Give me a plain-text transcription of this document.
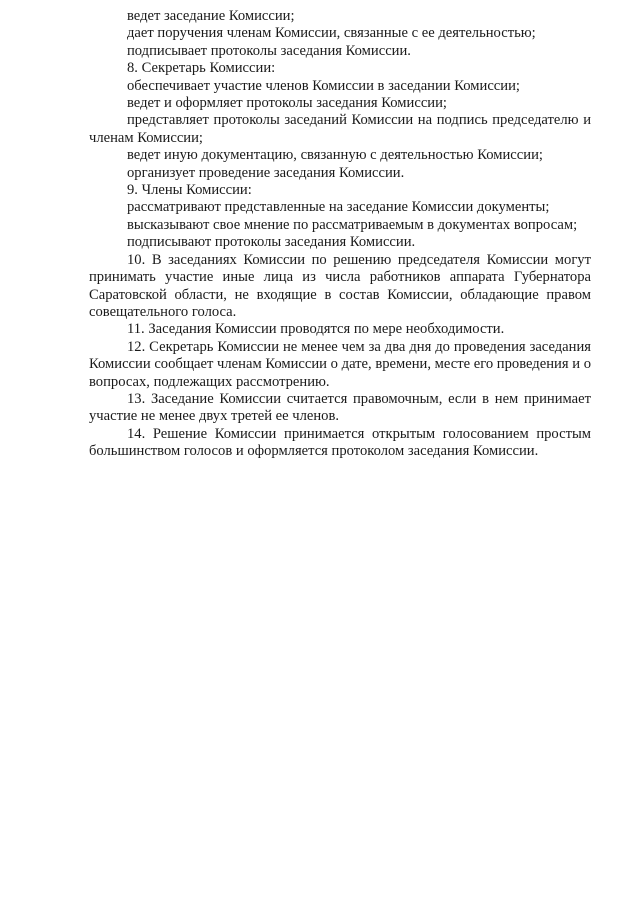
ведет заседание Комиссии;

дает поручения членам Комиссии, связанные с ее деятельностью;

подписывает протоколы заседания Комиссии.

8. Секретарь Комиссии:

обеспечивает участие членов Комиссии в заседании Комиссии;

ведет и оформляет протоколы заседания Комиссии;

представляет протоколы заседаний Комиссии на подпись председателю и членам Комиссии;

ведет иную документацию, связанную с деятельностью Комиссии;

организует проведение заседания Комиссии.

9. Члены Комиссии:

рассматривают представленные на заседание Комиссии документы;

высказывают свое мнение по рассматриваемым в документах вопросам;

подписывают протоколы заседания Комиссии.

10. В заседаниях Комиссии по решению председателя Комиссии могут принимать участие иные лица из числа работников аппарата Губернатора Саратовской области, не входящие в состав Комиссии, обладающие правом совещательного голоса.

11. Заседания Комиссии проводятся по мере необходимости.

12. Секретарь Комиссии не менее чем за два дня до проведения заседания Комиссии сообщает членам Комиссии о дате, времени, месте его проведения и о вопросах, подлежащих рассмотрению.

13. Заседание Комиссии считается правомочным, если в нем принимает участие не менее двух третей ее членов.

14. Решение Комиссии принимается открытым голосованием простым большинством голосов и оформляется протоколом заседания Комиссии.
